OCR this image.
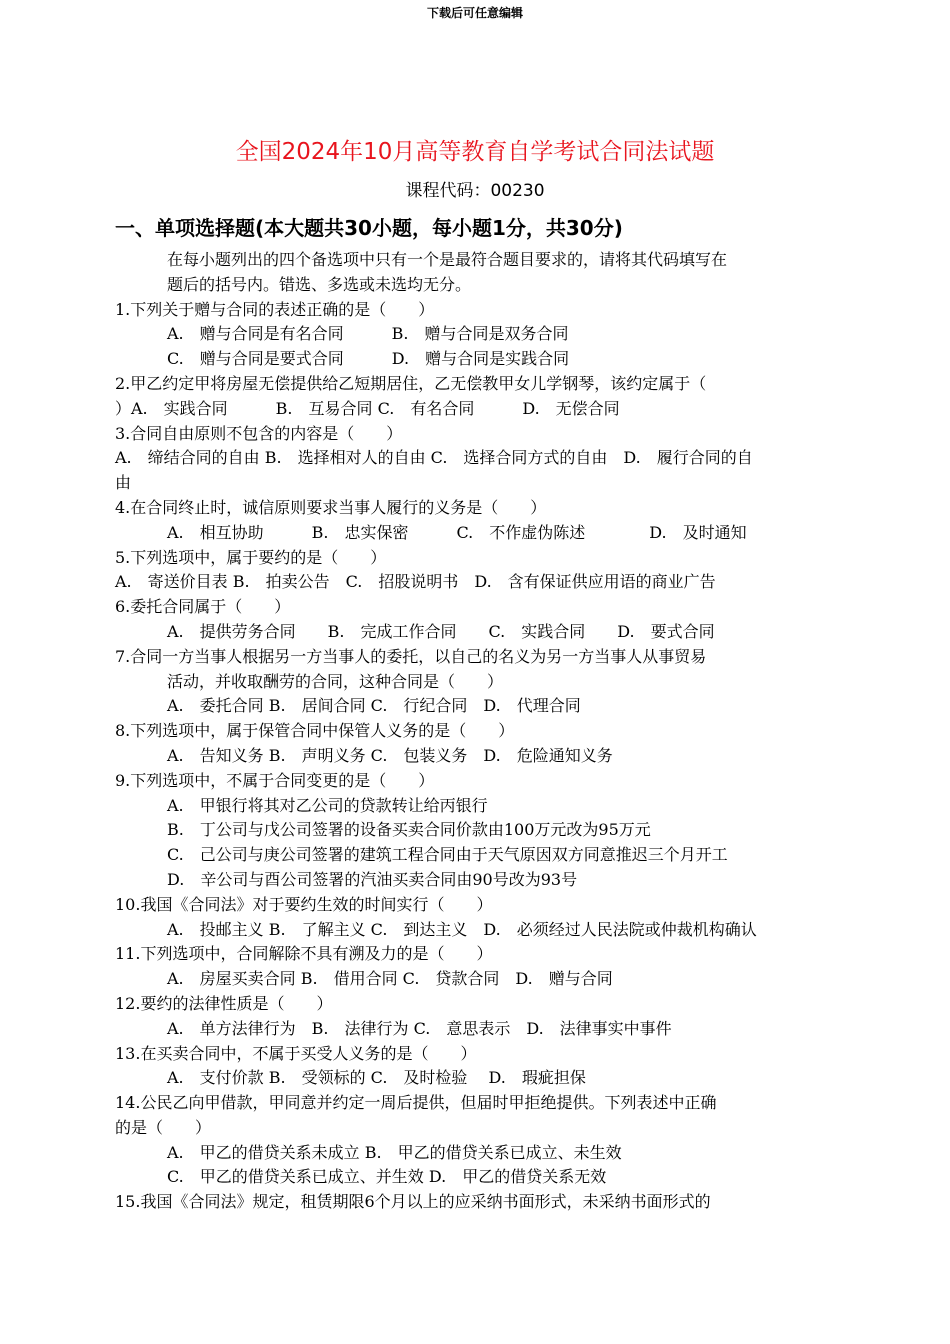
下载后可任意编辑
全国2024年10月高等教育自学考试合同法试题
课程代码：00230
一、单项选择题(本大题共30小题，每小题1分，共30分)
在每小题列出的四个备选项中只有一个是最符合题目要求的，请将其代码填写在
题后的括号内。错选、多选或未选均无分。
1.下列关于赠与合同的表述正确的是（　　）
A.　赠与合同是有名合同　　　B.　赠与合同是双务合同
C.　赠与合同是要式合同　　　D.　赠与合同是实践合同
2.甲乙约定甲将房屋无偿提供给乙短期居住，乙无偿教甲女儿学钢琴，该约定属于（
）A.　实践合同　　　B.　互易合同 C.　有名合同　　　D.　无偿合同
3.合同自由原则不包含的内容是（　　）
A.　缔结合同的自由 B.　选择相对人的自由 C.　选择合同方式的自由　D.　履行合同的自
由
4.在合同终止时，诚信原则要求当事人履行的义务是（　　）
A.　相互协助　　　B.　忠实保密　　　C.　不作虚伪陈述　　　　D.　及时通知
5.下列选项中，属于要约的是（　　）
A.　寄送价目表 B.　拍卖公告　C.　招股说明书　D.　含有保证供应用语的商业广告
6.委托合同属于（　　）
A.　提供劳务合同　　B.　完成工作合同　　C.　实践合同　　D.　要式合同
7.合同一方当事人根据另一方当事人的委托，以自己的名义为另一方当事人从事贸易
活动，并收取酬劳的合同，这种合同是（　　）
A.　委托合同 B.　居间合同 C.　行纪合同　D.　代理合同
8.下列选项中，属于保管合同中保管人义务的是（　　）
A.　告知义务 B.　声明义务 C.　包装义务　D.　危险通知义务
9.下列选项中，不属于合同变更的是（　　）
A.　甲银行将其对乙公司的贷款转让给丙银行
B.　丁公司与戊公司签署的设备买卖合同价款由100万元改为95万元
C.　己公司与庚公司签署的建筑工程合同由于天气原因双方同意推迟三个月开工
D.　辛公司与酉公司签署的汽油买卖合同由90号改为93号
10.我国《合同法》对于要约生效的时间实行（　　）
A.　投邮主义 B.　了解主义 C.　到达主义　D.　必须经过人民法院或仲裁机构确认
11.下列选项中，合同解除不具有溯及力的是（　　）
A.　房屋买卖合同 B.　借用合同 C.　贷款合同　D.　赠与合同
12.要约的法律性质是（　　）
A.　单方法律行为　B.　法律行为 C.　意思表示　D.　法律事实中事件
13.在买卖合同中，不属于买受人义务的是（　　）
A.　支付价款 B.　受领标的 C.　及时检验　 D.　瑕疵担保
14.公民乙向甲借款，甲同意并约定一周后提供，但届时甲拒绝提供。下列表述中正确
的是（　　）
A.　甲乙的借贷关系未成立 B.　甲乙的借贷关系已成立、未生效
C.　甲乙的借贷关系已成立、并生效 D.　甲乙的借贷关系无效
15.我国《合同法》规定，租赁期限6个月以上的应采纳书面形式，未采纳书面形式的
